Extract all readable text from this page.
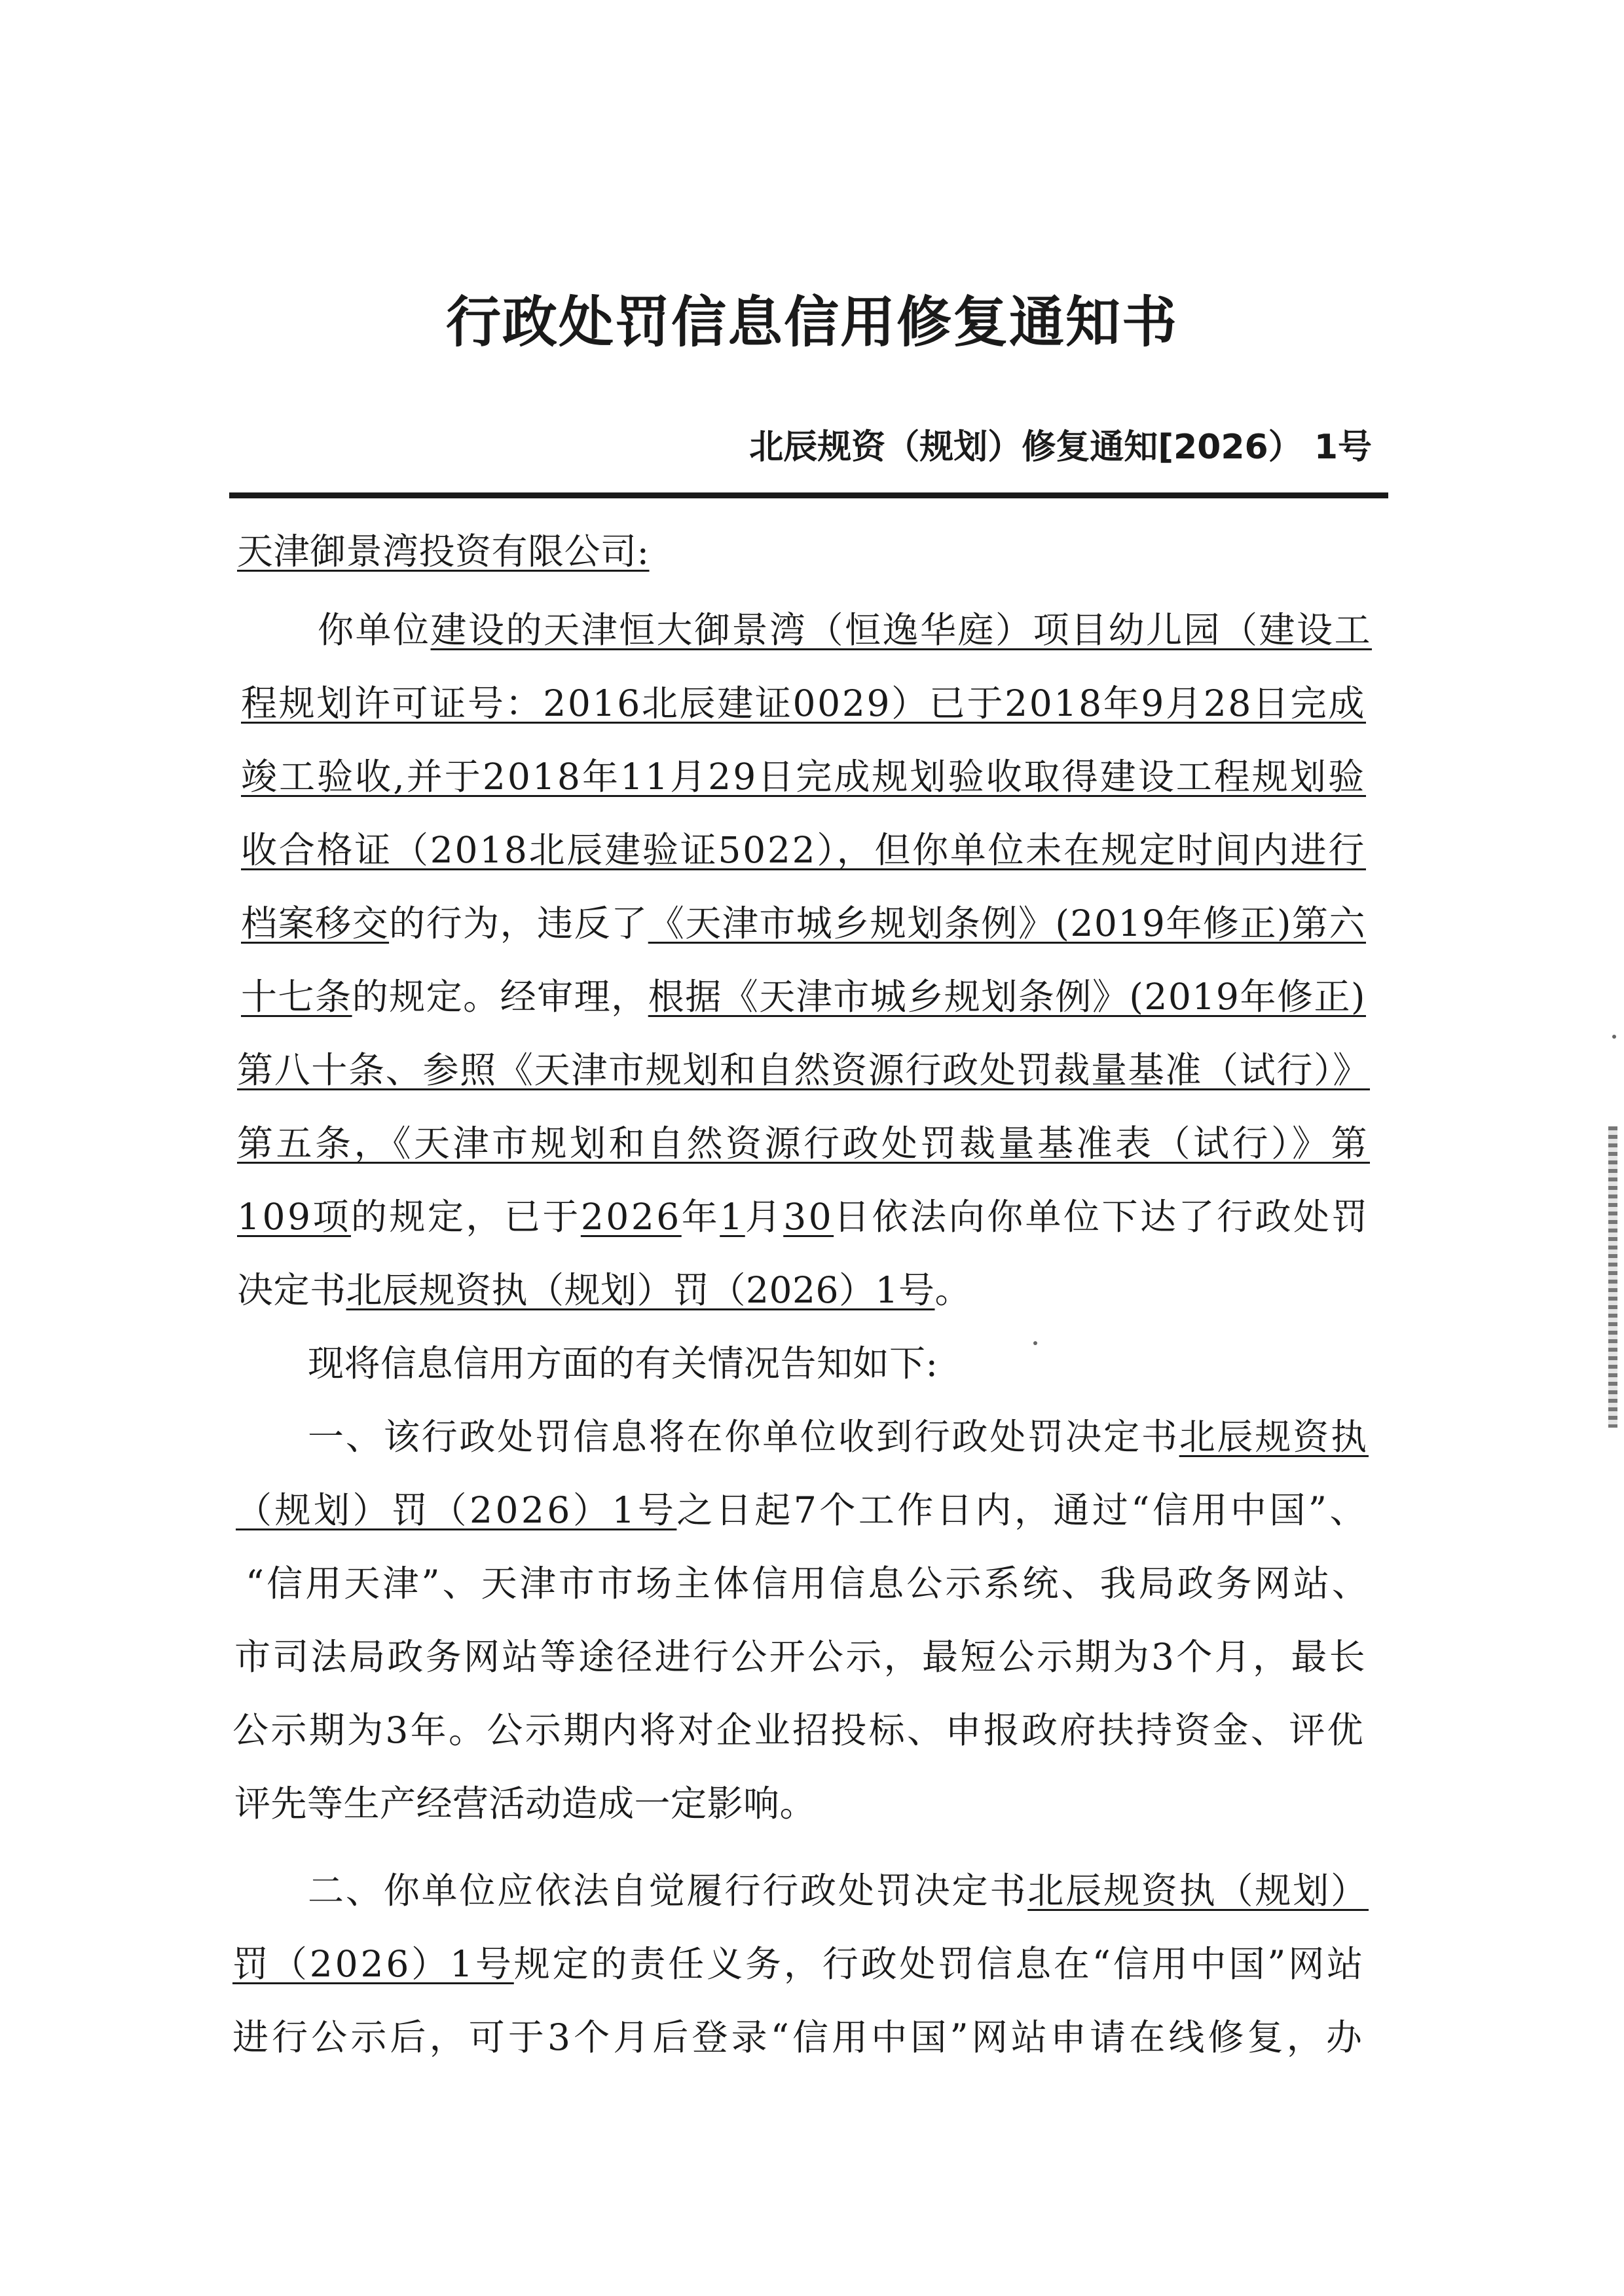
行政处罚信息信用修复通知书
北辰规资（规划）修复通知[2026） 1号
天津御景湾投资有限公司:
你单位建设的天津恒大御景湾（恒逸华庭）项目幼儿园（建设工
程规划许可证号：2016北辰建证0029）已于2018年9月28日完成
竣工验收,并于2018年11月29日完成规划验收取得建设工程规划验
收合格证（2018北辰建验证5022），但你单位未在规定时间内进行
档案移交的行为，违反了《天津市城乡规划条例》(2019年修正)第六
十七条的规定。经审理，根据《天津市城乡规划条例》(2019年修正)
第八十条、参照《天津市规划和自然资源行政处罚裁量基准（试行）》
第五条，《天津市规划和自然资源行政处罚裁量基准表（试行）》第
109项的规定，已于2026年1月30日依法向你单位下达了行政处罚
决定书北辰规资执（规划）罚（2026）1号。
现将信息信用方面的有关情况告知如下:
一、该行政处罚信息将在你单位收到行政处罚决定书北辰规资执
（规划）罚（2026）1号之日起7个工作日内，通过“信用中国”、
“信用天津”、天津市市场主体信用信息公示系统、我局政务网站、
市司法局政务网站等途径进行公开公示，最短公示期为3个月，最长
公示期为3年。公示期内将对企业招投标、申报政府扶持资金、评优
评先等生产经营活动造成一定影响。
二、你单位应依法自觉履行行政处罚决定书北辰规资执（规划）
罚（2026）1号规定的责任义务，行政处罚信息在“信用中国”网站
进行公示后，可于3个月后登录“信用中国”网站申请在线修复，办
